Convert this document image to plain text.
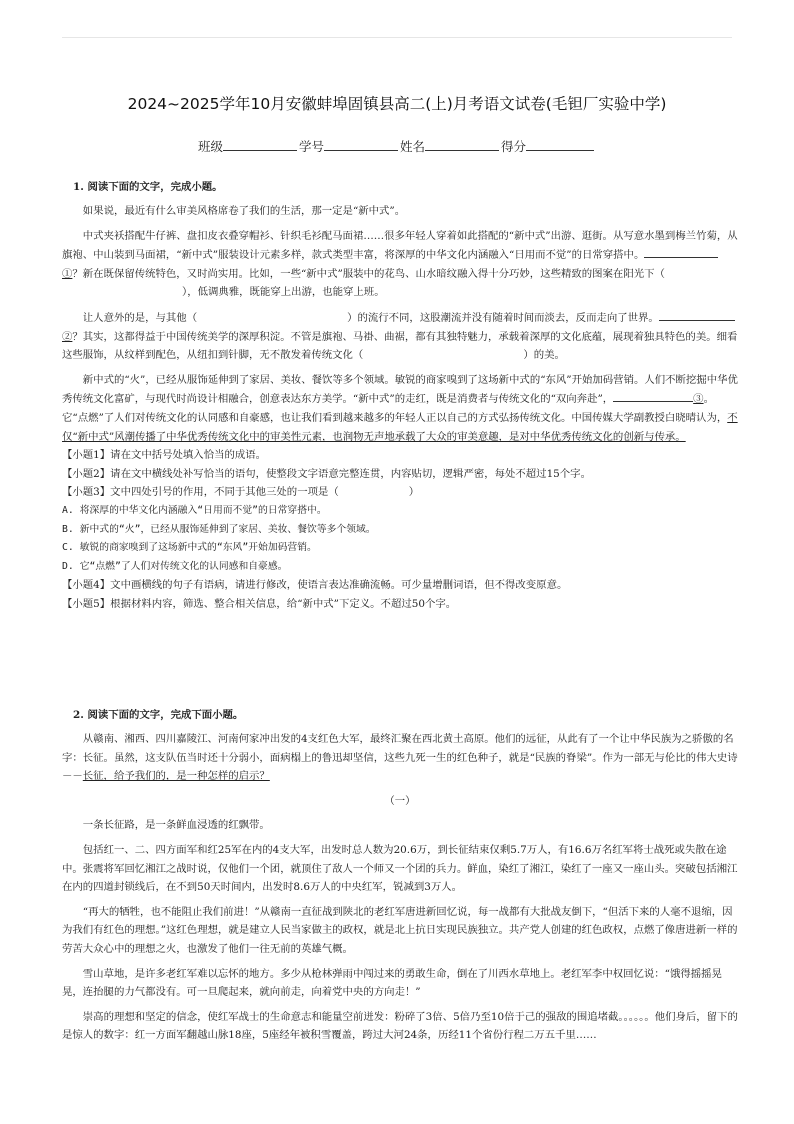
2024~2025学年10月安徽蚌埠固镇县高二(上)月考语文试卷(毛钽厂实验中学)
班级	学号	姓名	得分

1. 阅读下面的文字，完成小题。

如果说，最近有什么审美风格席卷了我们的生活，那一定是“新中式”。

中式夹袄搭配牛仔裤、盘扣皮衣叠穿帽衫、针织毛衫配马面裙……很多年轻人穿着如此搭配的“新中式”出游、逛街。从写意水墨到梅兰竹菊，从旗袍、中山装到马面裙，“新中式”服装设计元素多样，款式类型丰富，将深厚的中华文化内涵融入“日用而不觉”的日常穿搭中。①？新在既保留传统特色，又时尚实用。比如，一些“新中式”服装中的花鸟、山水暗纹融入得十分巧妙，这些精致的图案在阳光下（），低调典雅，既能穿上出游，也能穿上班。

让人意外的是，与其他（	）的流行不同，这股潮流并没有随着时间而淡去，反而走向了世界。②？其实，这都得益于中国传统美学的深厚积淀。不管是旗袍、马褂、曲裾，都有其独特魅力，承载着深厚的文化底蕴，展现着独具特色的美。细看这些服饰，从纹样到配色，从纽扣到针脚，无不散发着传统文化（	）的美。

新中式的“火”，已经从服饰延伸到了家居、美妆、餐饮等多个领域。敏锐的商家嗅到了这场新中式的“东风”开始加码营销。人们不断挖掘中华优秀传统文化富矿，与现代时尚设计相融合，创意表达东方美学。“新中式”的走红，既是消费者与传统文化的“双向奔赴”，	③。它“点燃”了人们对传统文化的认同感和自豪感，也让我们看到越来越多的年轻人正以自己的方式弘扬传统文化。中国传媒大学副教授白晓晴认为，不仅“新中式”风潮传播了中华优秀传统文化中的审美性元素，也润物无声地承载了大众的审美意趣，是对中华优秀传统文化的创新与传承。

【小题1】请在文中括号处填入恰当的成语。

【小题2】请在文中横线处补写恰当的语句，使整段文字语意完整连贯，内容贴切，逻辑严密，每处不超过15个字。

【小题3】文中四处引号的作用，不同于其他三处的一项是（	）

A. 将深厚的中华文化内涵融入“日用而不觉”的日常穿搭中。

B. 新中式的“火”，已经从服饰延伸到了家居、美妆、餐饮等多个领域。

C. 敏锐的商家嗅到了这场新中式的“东风”开始加码营销。

D. 它“点燃”了人们对传统文化的认同感和自豪感。

【小题4】文中画横线的句子有语病，请进行修改，使语言表达准确流畅。可少量增删词语，但不得改变原意。

【小题5】根据材料内容，筛选、整合相关信息，给“新中式”下定义。不超过50个字。

2. 阅读下面的文字，完成下面小题。

从赣南、湘西、四川嘉陵江、河南何家冲出发的4支红色大军，最终汇聚在西北黄土高原。他们的远征，从此有了一个让中华民族为之骄傲的名字：长征。虽然，这支队伍当时还十分弱小，面病榻上的鲁迅却坚信，这些九死一生的红色种子，就是“民族的脊梁”。作为一部无与伦比的伟大史诗－－长征，给予我们的，是一种怎样的启示？

（一）

一条长征路，是一条鲜血浸透的红飘带。

包括红一、二、四方面军和红25军在内的4支大军，出发时总人数为20.6万，到长征结束仅剩5.7万人，有16.6万名红军将士战死或失散在途中。张震将军回忆湘江之战时说，仅他们一个团，就顶住了敌人一个师又一个团的兵力。鲜血，染红了湘江，染红了一座又一座山头。突破包括湘江在内的四道封锁线后，在不到50天时间内，出发时8.6万人的中央红军，锐减到3万人。

“再大的牺牲，也不能阻止我们前进！”从赣南一直征战到陕北的老红军唐进新回忆说，每一战都有大批战友倒下，“但活下来的人毫不退缩，因为我们有红色的理想。”这红色理想，就是建立人民当家做主的政权，就是北上抗日实现民族独立。共产党人创建的红色政权，点燃了像唐进新一样的劳苦大众心中的理想之火，也激发了他们一往无前的英雄气概。

雪山草地，是许多老红军难以忘怀的地方。多少从枪林弹雨中闯过来的勇敢生命，倒在了川西水草地上。老红军李中权回忆说：“饿得摇摇晃晃，连抬腿的力气都没有。可一旦爬起来，就向前走，向着党中央的方向走！”

崇高的理想和坚定的信念，使红军战士的生命意志和能量空前迸发：粉碎了3倍、5倍乃至10倍于己的强敌的围追堵截。。。。。。他们身后，留下的是惊人的数字：红一方面军翻越山脉18座，5座经年被积雪覆盖，跨过大河24条，历经11个省份行程二万五千里……
